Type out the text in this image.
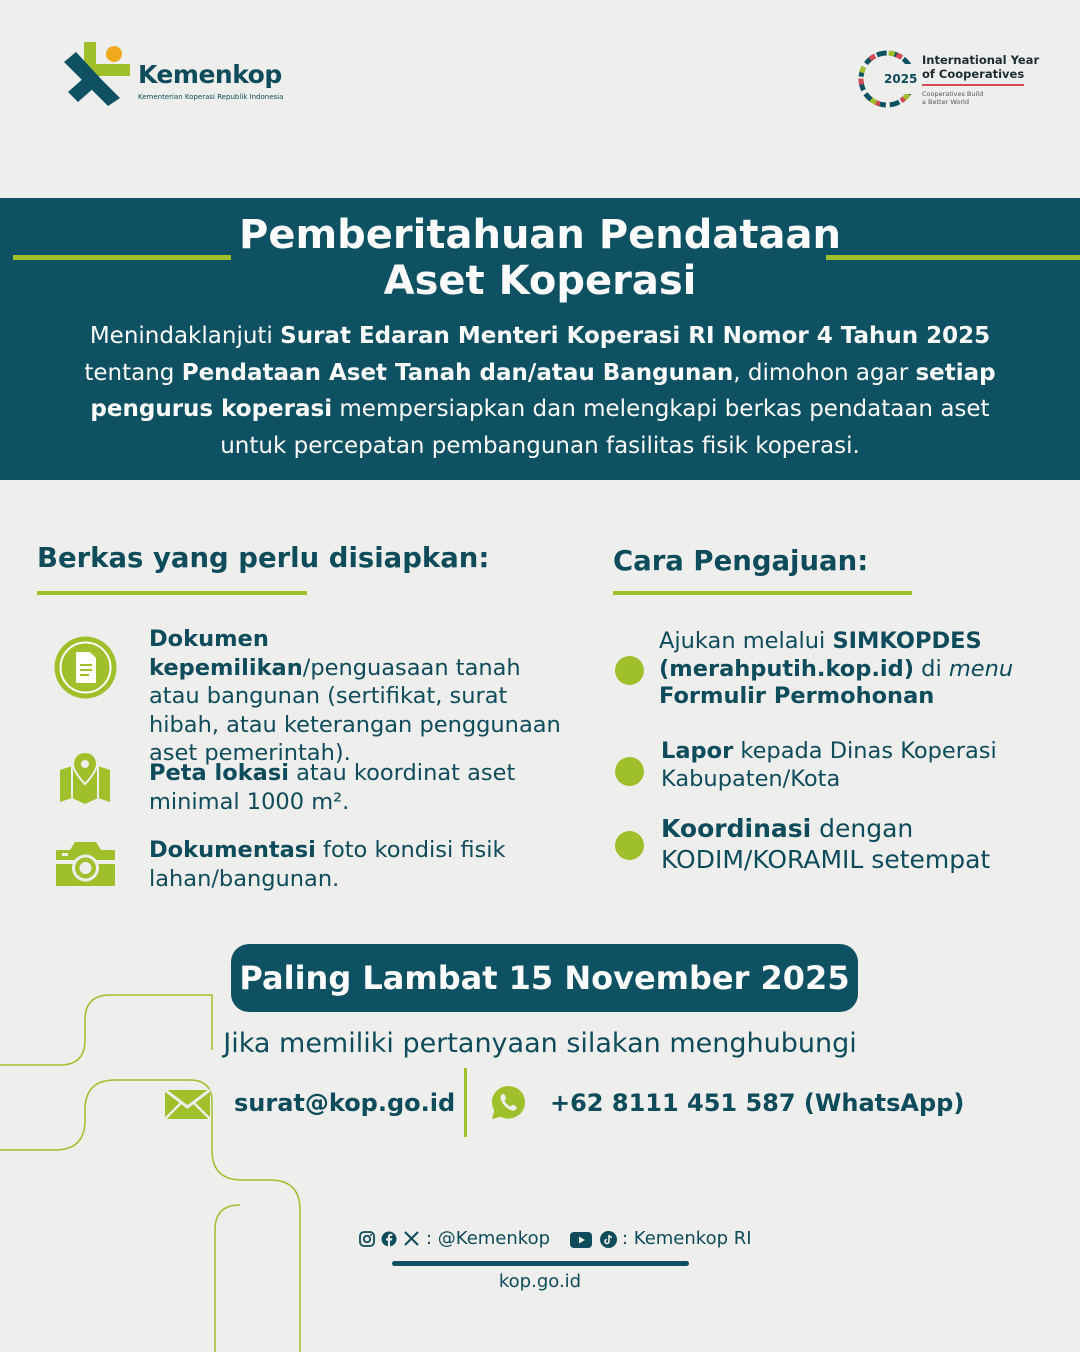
Kemenkop
Kementerian Koperasi Republik Indonesia
2025
International Year
of Cooperatives
Cooperatives Build
a Better World
Pemberitahuan Pendataan
Aset Koperasi
Menindaklanjuti Surat Edaran Menteri Koperasi RI Nomor 4 Tahun 2025 tentang Pendataan Aset Tanah dan/atau Bangunan, dimohon agar setiap pengurus koperasi mempersiapkan dan melengkapi berkas pendataan aset untuk percepatan pembangunan fasilitas fisik koperasi.
Berkas yang perlu disiapkan:
Dokumen kepemilikan/penguasaan tanah atau bangunan (sertifikat, surat hibah, atau keterangan penggunaan aset pemerintah).
Peta lokasi atau koordinat aset minimal 1000 m².
Dokumentasi foto kondisi fisik lahan/bangunan.
Cara Pengajuan:
Ajukan melalui SIMKOPDES (merahputih.kop.id) di menu Formulir Permohonan
Lapor kepada Dinas Koperasi Kabupaten/Kota
Koordinasi dengan KODIM/KORAMIL setempat
Paling Lambat 15 November 2025
Jika memiliki pertanyaan silakan menghubungi
surat@kop.go.id	+62 8111 451 587 (WhatsApp)
: @Kemenkop	: Kemenkop RI
kop.go.id
